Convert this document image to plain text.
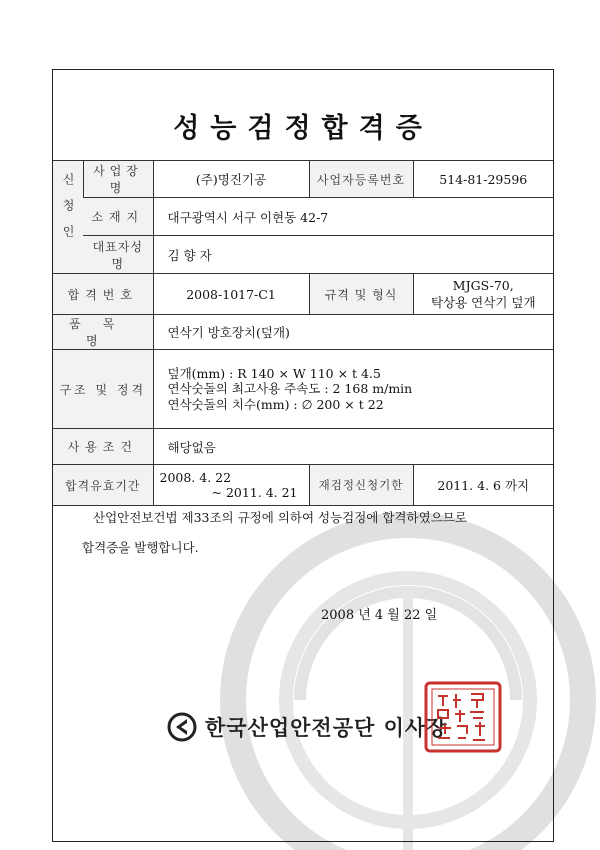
성능검정합격증
신청인	사업장명	(주)명진기공	사업자등록번호	514-81-29596
	소재지	대구광역시 서구 이현동 42-7		
	대표자성명	김 향 자		
합격번호		2008-1017-C1	규격 및 형식	MJGS-70,
탁상용 연삭기 덮개

품목명		연삭기 방호장치(덮개)		
구조 및 정격		덮개(mm) : R 140 × W 110 × t 4.5
연삭숫돌의 최고사용 주속도 : 2 168 m/min
연삭숫돌의 치수(mm) : ∅ 200 × t 22		

사용조건		해당없음		
합격유효기간		2008. 4. 22
~ 2011. 4. 21	재검정신청기한	2011. 4. 6 까지
산업안전보건법 제33조의 규정에 의하여 성능검정에 합격하였으므로
합격증을 발행합니다.
2008 년 4 월 22 일
한국산업안전공단 이사장
